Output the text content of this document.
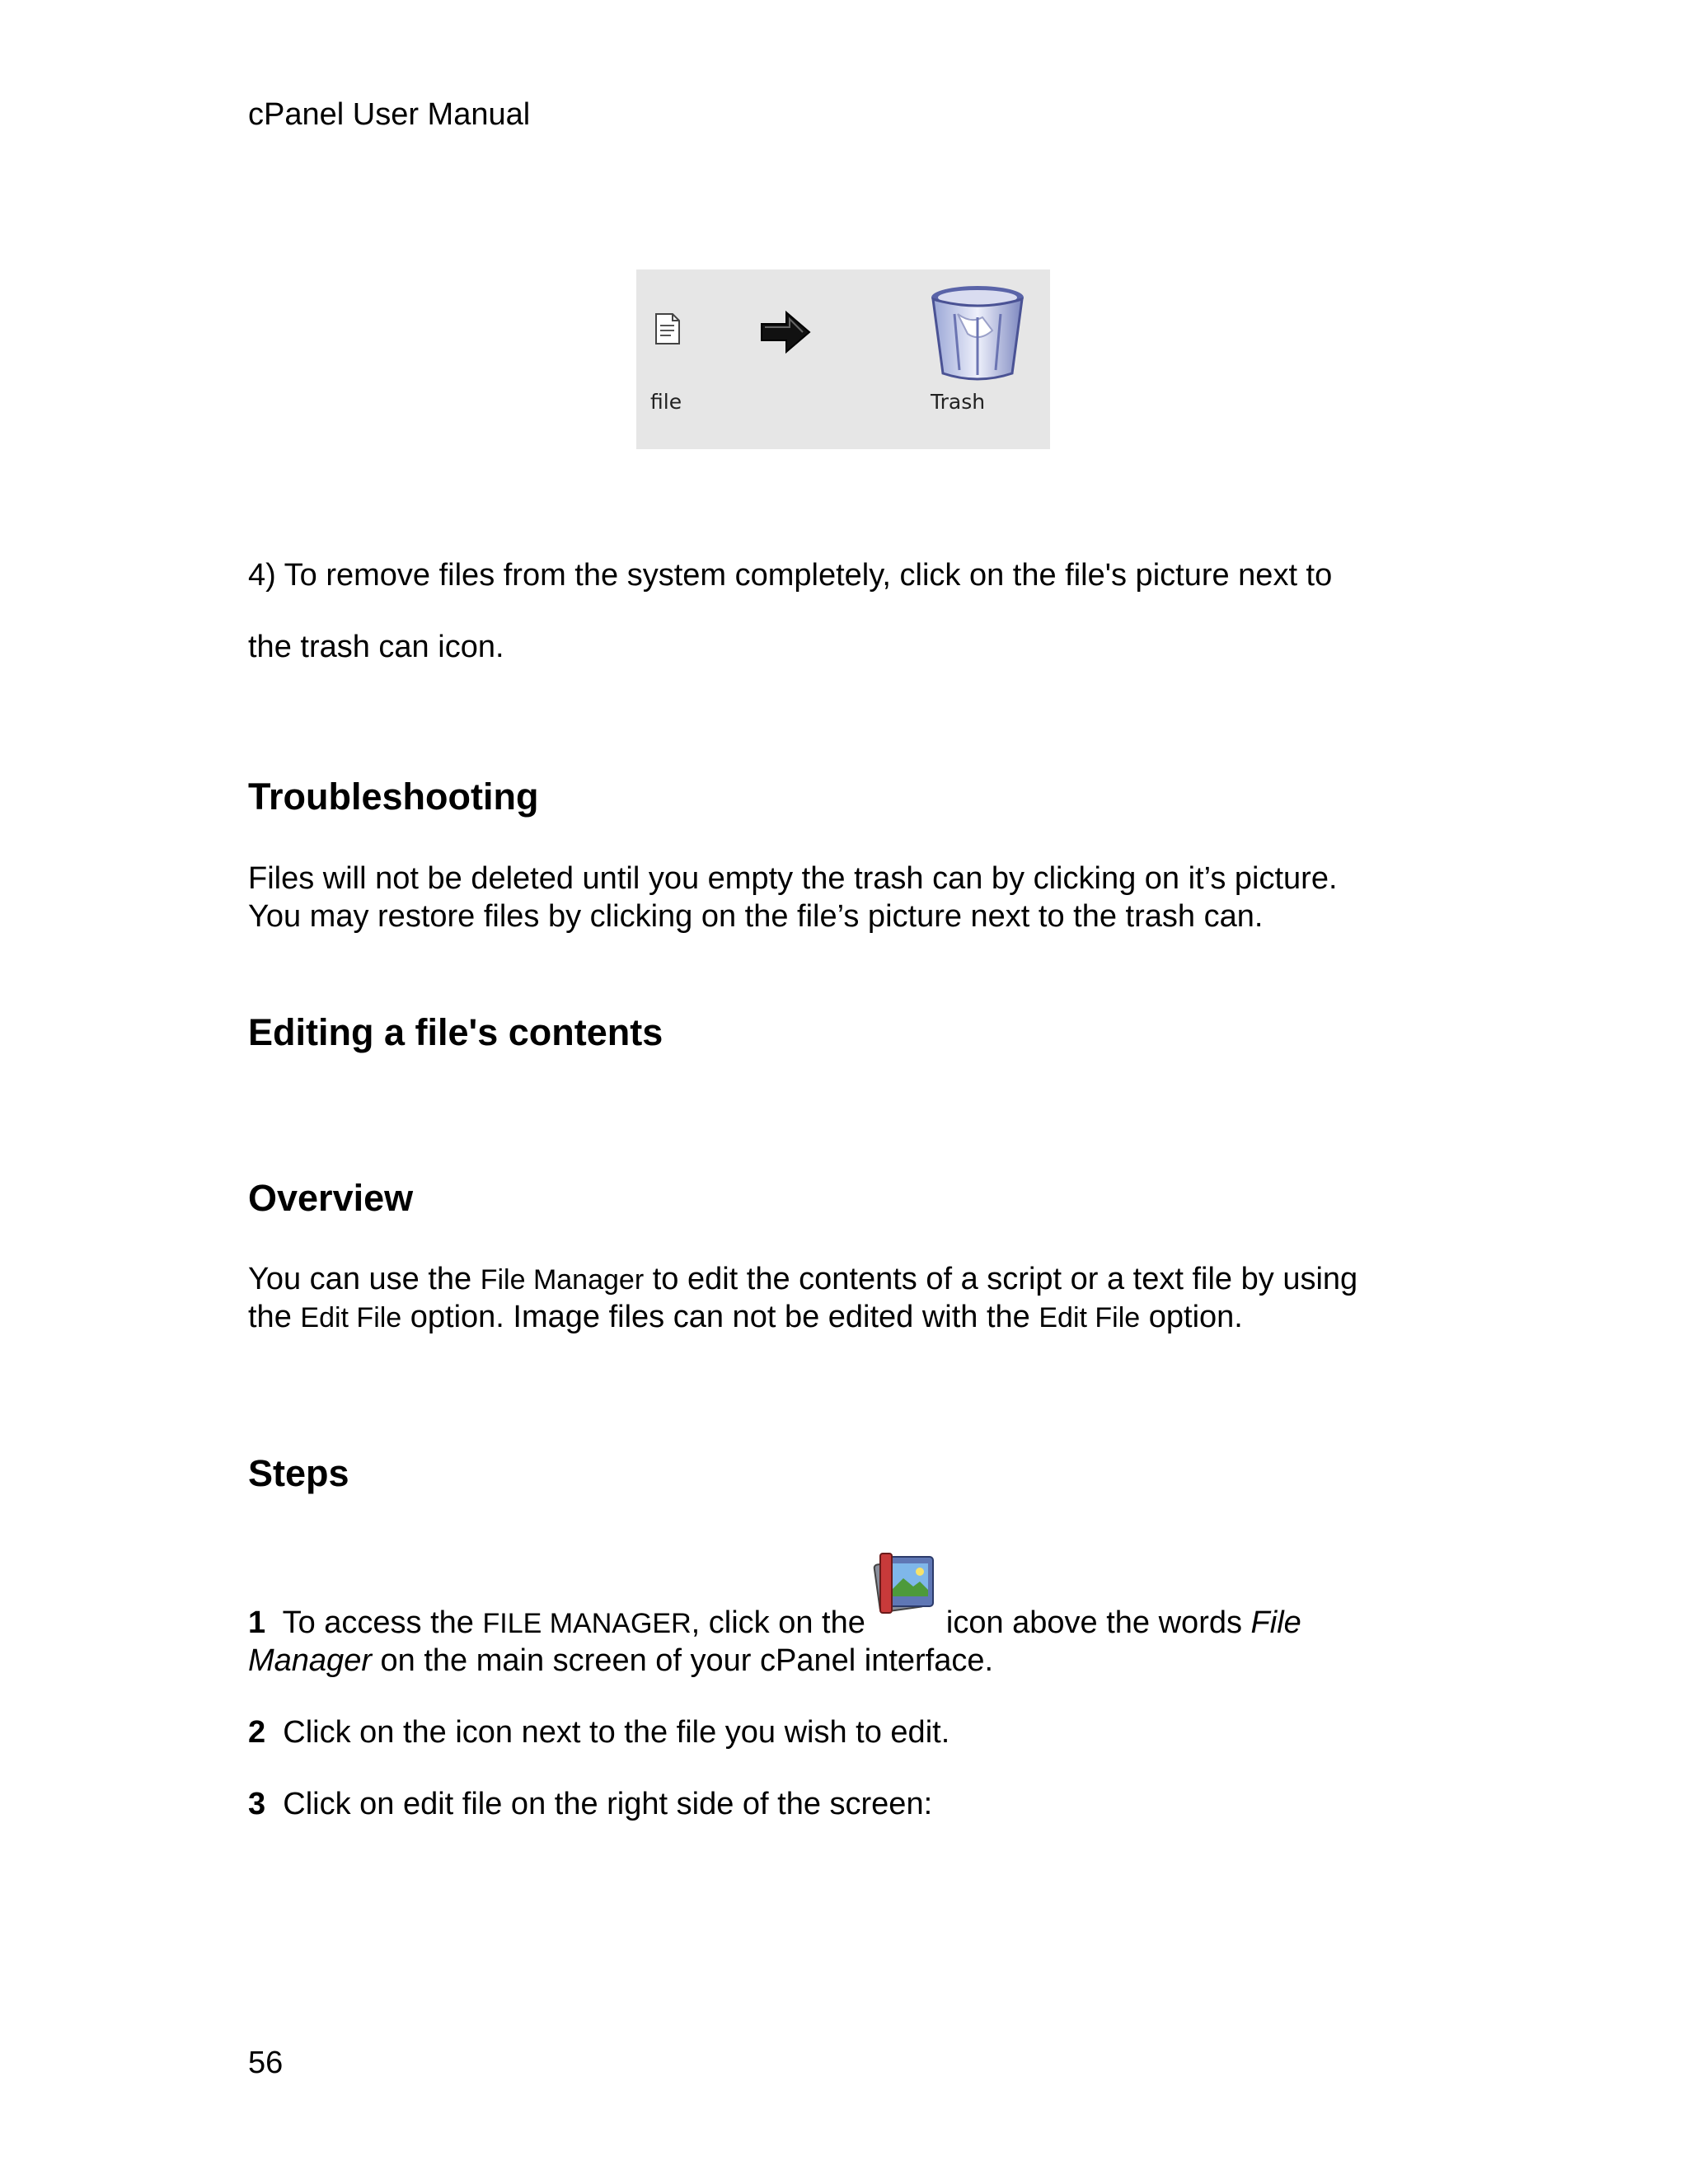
cPanel User Manual
file	Trash
4) To remove files from the system completely, click on the file's picture next to
the trash can icon.
Troubleshooting
Files will not be deleted until you empty the trash can by clicking on it’s picture.
You may restore files by clicking on the file’s picture next to the trash can.
Editing a file's contents
Overview
You can use the File Manager to edit the contents of a script or a text file by using
the Edit File option. Image files can not be edited with the Edit File option.
Steps
1 To access the FILE MANAGER, click on the	icon above the words File
Manager on the main screen of your cPanel interface.
2 Click on the icon next to the file you wish to edit.
3 Click on edit file on the right side of the screen:
56
